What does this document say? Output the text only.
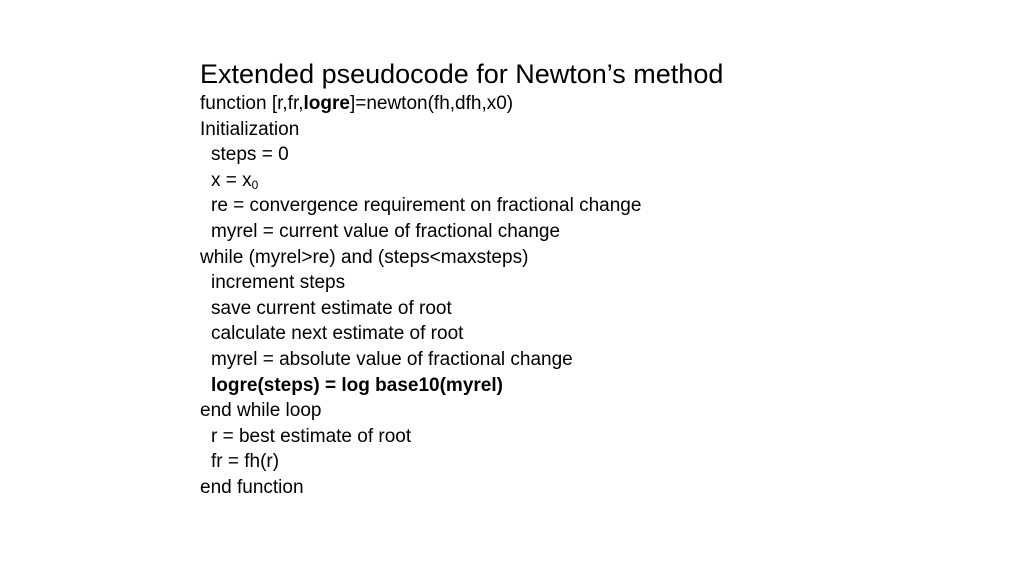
Extended pseudocode for Newton’s method
function [r,fr,logre]=newton(fh,dfh,x0)
Initialization
steps = 0
$x = x_0$
re = convergence requirement on fractional change
myrel = current value of fractional change
while (myrel>re) and (steps<maxsteps)
increment steps
save current estimate of root
calculate next estimate of root
myrel = absolute value of fractional change
logre(steps) = log base10(myrel)
end while loop
r = best estimate of root
fr = fh(r)
end function
